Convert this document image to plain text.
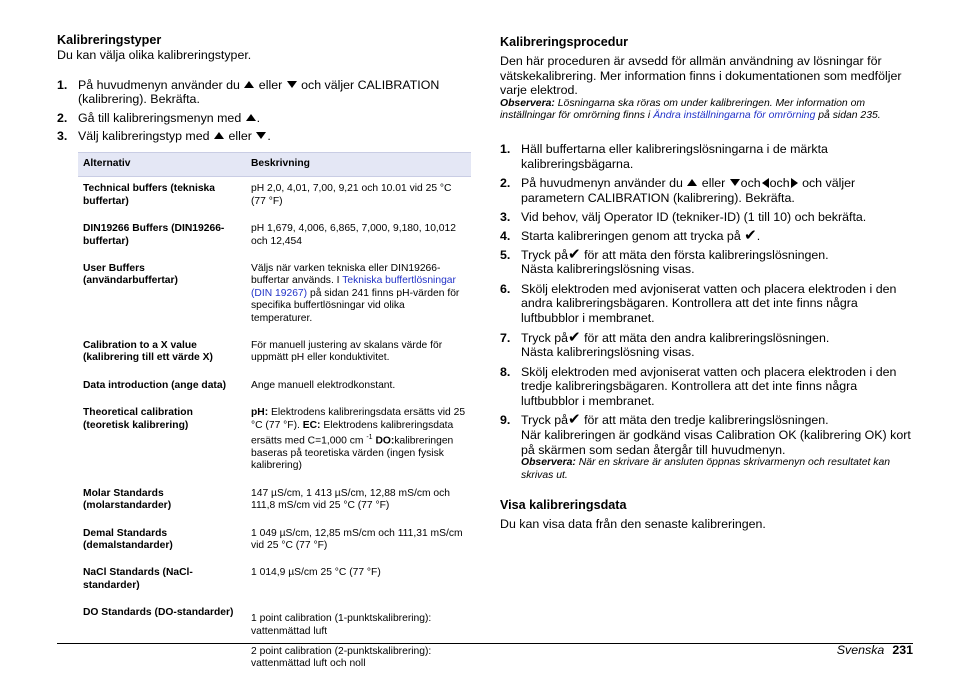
Kalibreringstyper
Du kan välja olika kalibreringstyper.
1. På huvudmenyn använder du eller och väljer CALIBRATION (kalibrering). Bekräfta.
2. Gå till kalibreringsmenyn med .
3. Välj kalibreringstyp med eller .
Alternativ	Beskrivning
Technical buffers (tekniska buffertar)	pH 2,0, 4,01, 7,00, 9,21 och 10.01 vid 25 °C (77 °F)
DIN19266 Buffers (DIN19266-buffertar)	pH 1,679, 4,006, 6,865, 7,000, 9,180, 10,012 och 12,454
User Buffers (användarbuffertar)	Väljs när varken tekniska eller DIN19266-buffertar används. I Tekniska buffertlösningar (DIN 19267) på sidan 241 finns pH-värden för specifika buffertlösningar vid olika temperaturer.
Calibration to a X value (kalibrering till ett värde X)	För manuell justering av skalans värde för uppmätt pH eller konduktivitet.
Data introduction (ange data)	Ange manuell elektrodkonstant.
Theoretical calibration (teoretisk kalibrering)	pH: Elektrodens kalibreringsdata ersätts vid 25 °C (77 °F). EC: Elektrodens kalibreringsdata ersätts med C=1,000 cm $^{-1}$ DO:kalibreringen baseras på teoretiska värden (ingen fysisk kalibrering)
Molar Standards (molarstandarder)	147 µS/cm, 1 413 µS/cm, 12,88 mS/cm och 111,8 mS/cm vid 25 °C (77 °F)
Demal Standards (demalstandarder)	1 049 µS/cm, 12,85 mS/cm och 111,31 mS/cm vid 25 °C (77 °F)
NaCl Standards (NaCl-standarder)	1 014,9 µS/cm 25 °C (77 °F)
DO Standards (DO-standarder)	1 point calibration (1-punktskalibrering): vattenmättad luft
2 point calibration (2-punktskalibrering): vattenmättad luft och noll
Kalibreringsprocedur
Den här proceduren är avsedd för allmän användning av lösningar för vätskekalibrering. Mer information finns i dokumentationen som medföljer varje elektrod.
Observera: Lösningarna ska röras om under kalibreringen. Mer information om inställningar för omrörning finns i Ändra inställningarna för omrörning på sidan 235.
1. Häll buffertarna eller kalibreringslösningarna i de märkta kalibreringsbägarna.
2. På huvudmenyn använder du eller och och och väljer parametern CALIBRATION (kalibrering). Bekräfta.
3. Vid behov, välj Operator ID (tekniker-ID) (1 till 10) och bekräfta.
4. Starta kalibreringen genom att trycka på ✔.
5. Tryck på✔ för att mäta den första kalibreringslösningen.
Nästa kalibreringslösning visas.
6. Skölj elektroden med avjoniserat vatten och placera elektroden i den andra kalibreringsbägaren. Kontrollera att det inte finns några luftbubblor i membranet.
7. Tryck på✔ för att mäta den andra kalibreringslösningen.
Nästa kalibreringslösning visas.
8. Skölj elektroden med avjoniserat vatten och placera elektroden i den tredje kalibreringsbägaren. Kontrollera att det inte finns några luftbubblor i membranet.
9. Tryck på✔ för att mäta den tredje kalibreringslösningen.
När kalibreringen är godkänd visas Calibration OK (kalibrering OK) kort på skärmen som sedan återgår till huvudmenyn.
Observera: När en skrivare är ansluten öppnas skrivarmenyn och resultatet kan skrivas ut.
Visa kalibreringsdata
Du kan visa data från den senaste kalibreringen.
Svenska 231
